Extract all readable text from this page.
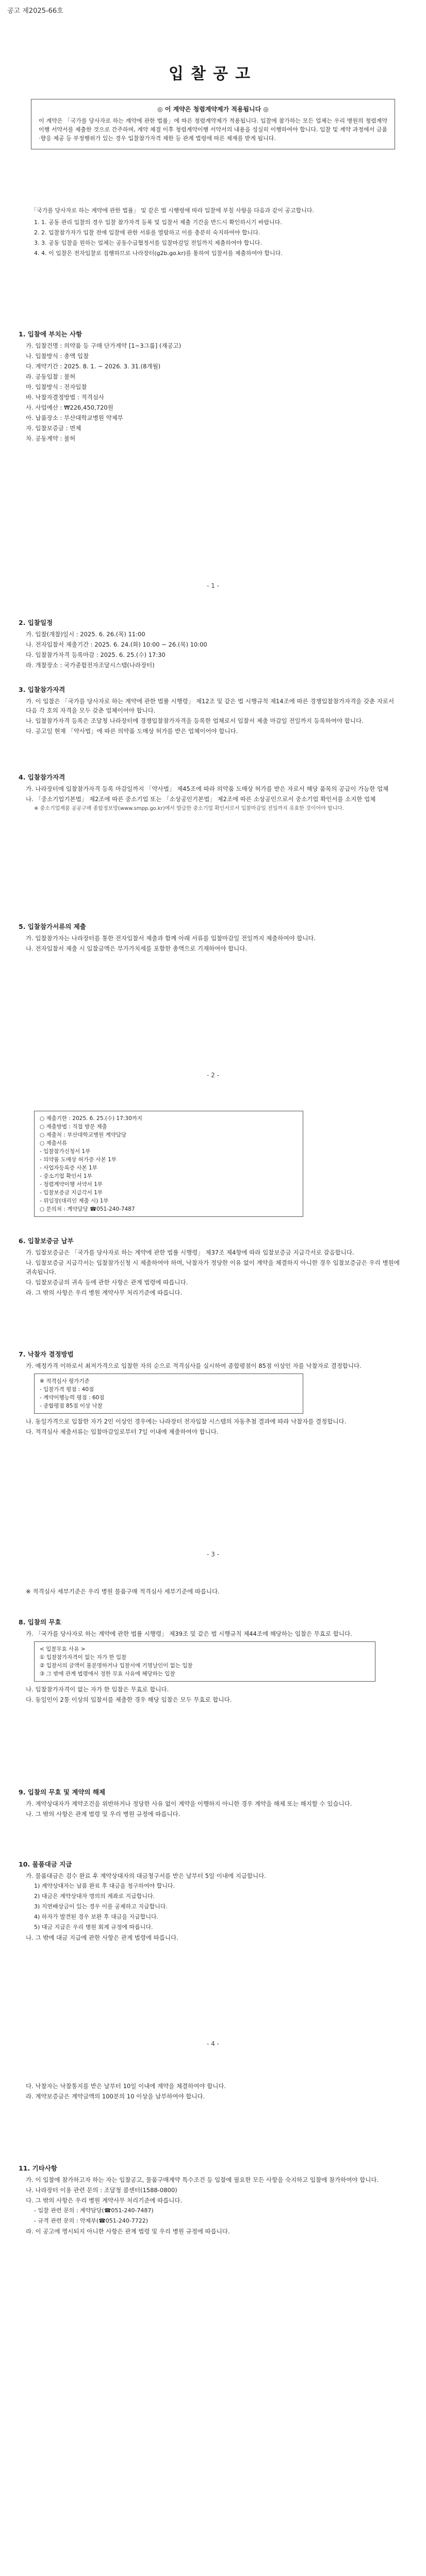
공고 제2025-66호
입찰공고
◎ 이 계약은 청렴계약제가 적용됩니다 ◎
이 계약은 「국가를 당사자로 하는 계약에 관한 법률」에 따른 청렴계약제가 적용됩니다. 입찰에 참가하는 모든 업체는 우리 병원의 청렴계약이행 서약서를 제출한 것으로 간주하며, 계약 체결 이후 청렴계약이행 서약서의 내용을 성실히 이행하여야 합니다. 입찰 및 계약 과정에서 금품·향응 제공 등 부정행위가 있는 경우 입찰참가자격 제한 등 관계 법령에 따른 제재를 받게 됩니다.

「국가를 당사자로 하는 계약에 관한 법률」 및 같은 법 시행령에 따라 입찰에 부칠 사항을 다음과 같이 공고합니다.

1. 1. 공동 관리 입찰의 경우 입찰 참가자격 등록 및 입찰서 제출 기간을 반드시 확인하시기 바랍니다.
2. 2. 입찰참가자가 입찰 전에 입찰에 관한 서류를 열람하고 이를 충분히 숙지하여야 합니다.
3. 3. 공동 입찰을 원하는 업체는 공동수급협정서를 입찰마감일 전일까지 제출하여야 합니다.
4. 4. 이 입찰은 전자입찰로 집행하므로 나라장터(g2b.go.kr)를 통하여 입찰서를 제출하여야 합니다.
1. 입찰에 부치는 사항
가. 입찰건명 : 의약품 등 구매 단가계약 [1~3그룹] (재공고)
나. 입찰방식 : 총액 입찰
다. 계약기간 : 2025. 8. 1. ~ 2026. 3. 31.(8개월)
라. 공동입찰 : 불허
마. 입찰방식 : 전자입찰
바. 낙찰자결정방법 : 적격심사
사. 사업예산 : ₩226,450,720원
아. 납품장소 : 부산대학교병원 약제부
자. 입찰보증금 : 면제
차. 공동계약 : 불허
- 1 -
2. 입찰일정
가. 입찰(개찰)일시 : 2025. 6. 26.(목) 11:00
나. 전자입찰서 제출기간 : 2025. 6. 24.(화) 10:00 ~ 26.(목) 10:00
다. 입찰참가자격 등록마감 : 2025. 6. 25.(수) 17:30
라. 개찰장소 : 국가종합전자조달시스템(나라장터)
3. 입찰참가자격
가. 이 입찰은 「국가를 당사자로 하는 계약에 관한 법률 시행령」 제12조 및 같은 법 시행규칙 제14조에 따른 경쟁입찰참가자격을 갖춘 자로서 다음 각 호의 자격을 모두 갖춘 업체이어야 합니다.
나. 입찰참가자격 등록은 조달청 나라장터에 경쟁입찰참가자격을 등록한 업체로서 입찰서 제출 마감일 전일까지 등록하여야 합니다.
다. 공고일 현재 「약사법」에 따른 의약품 도매상 허가를 받은 업체이어야 합니다.
4. 입찰참가자격
가. 나라장터에 입찰참가자격 등록 마감일까지 「약사법」 제45조에 따라 의약품 도매상 허가를 받은 자로서 해당 품목의 공급이 가능한 업체
나. 「중소기업기본법」 제2조에 따른 중소기업 또는 「소상공인기본법」 제2조에 따른 소상공인으로서 중소기업 확인서를 소지한 업체
※ 중소기업제품 공공구매 종합정보망(www.smpp.go.kr)에서 발급한 중소기업 확인서로서 입찰마감일 전일까지 유효한 것이어야 합니다.
5. 입찰참가서류의 제출
가. 입찰참가자는 나라장터를 통한 전자입찰서 제출과 함께 아래 서류를 입찰마감일 전일까지 제출하여야 합니다.
나. 전자입찰서 제출 시 입찰금액은 부가가치세를 포함한 총액으로 기재하여야 합니다.
- 2 -
○ 제출기한 : 2025. 6. 25.(수) 17:30까지
○ 제출방법 : 직접 방문 제출
○ 제출처 : 부산대학교병원 계약담당
○ 제출서류
- 입찰참가신청서 1부
- 의약품 도매상 허가증 사본 1부
- 사업자등록증 사본 1부
- 중소기업 확인서 1부
- 청렴계약이행 서약서 1부
- 입찰보증금 지급각서 1부
- 위임장(대리인 제출 시) 1부
○ 문의처 : 계약담당 ☎051-240-7487
6. 입찰보증금 납부
가. 입찰보증금은 「국가를 당사자로 하는 계약에 관한 법률 시행령」 제37조 제4항에 따라 입찰보증금 지급각서로 갈음합니다.
나. 입찰보증금 지급각서는 입찰참가신청 시 제출하여야 하며, 낙찰자가 정당한 이유 없이 계약을 체결하지 아니한 경우 입찰보증금은 우리 병원에 귀속됩니다.
다. 입찰보증금의 귀속 등에 관한 사항은 관계 법령에 따릅니다.
라. 그 밖의 사항은 우리 병원 계약사무 처리기준에 따릅니다.
7. 낙찰자 결정방법
가. 예정가격 이하로서 최저가격으로 입찰한 자의 순으로 적격심사를 실시하여 종합평점이 85점 이상인 자를 낙찰자로 결정합니다.
※ 적격심사 평가기준
- 입찰가격 평점 : 40점
- 계약이행능력 평점 : 60점
- 종합평점 85점 이상 낙찰
나. 동일가격으로 입찰한 자가 2인 이상인 경우에는 나라장터 전자입찰 시스템의 자동추첨 결과에 따라 낙찰자를 결정합니다.
다. 적격심사 제출서류는 입찰마감일로부터 7일 이내에 제출하여야 합니다.
- 3 -
※ 적격심사 세부기준은 우리 병원 물품구매 적격심사 세부기준에 따릅니다.
8. 입찰의 무효
가. 「국가를 당사자로 하는 계약에 관한 법률 시행령」 제39조 및 같은 법 시행규칙 제44조에 해당하는 입찰은 무효로 합니다.
< 입찰무효 사유 >
① 입찰참가자격이 없는 자가 한 입찰
② 입찰서의 금액이 불분명하거나 입찰서에 기명날인이 없는 입찰
③ 그 밖에 관계 법령에서 정한 무효 사유에 해당하는 입찰
나. 입찰참가자격이 없는 자가 한 입찰은 무효로 합니다.
다. 동일인이 2통 이상의 입찰서를 제출한 경우 해당 입찰은 모두 무효로 합니다.
9. 입찰의 무효 및 계약의 해제
가. 계약상대자가 계약조건을 위반하거나 정당한 사유 없이 계약을 이행하지 아니한 경우 계약을 해제 또는 해지할 수 있습니다.
나. 그 밖의 사항은 관계 법령 및 우리 병원 규정에 따릅니다.
10. 물품대금 지급
가. 물품대금은 검수 완료 후 계약상대자의 대금청구서를 받은 날부터 5일 이내에 지급합니다.
1) 계약상대자는 납품 완료 후 대금을 청구하여야 합니다.
2) 대금은 계약상대자 명의의 계좌로 지급합니다.
3) 지연배상금이 있는 경우 이를 공제하고 지급합니다.
4) 하자가 발견된 경우 보완 후 대금을 지급합니다.
5) 대금 지급은 우리 병원 회계 규정에 따릅니다.
나. 그 밖에 대금 지급에 관한 사항은 관계 법령에 따릅니다.
- 4 -
다. 낙찰자는 낙찰통지를 받은 날부터 10일 이내에 계약을 체결하여야 합니다.
라. 계약보증금은 계약금액의 100분의 10 이상을 납부하여야 합니다.
11. 기타사항
가. 이 입찰에 참가하고자 하는 자는 입찰공고, 물품구매계약 특수조건 등 입찰에 필요한 모든 사항을 숙지하고 입찰에 참가하여야 합니다.
나. 나라장터 이용 관련 문의 : 조달청 콜센터(1588-0800)
다. 그 밖의 사항은 우리 병원 계약사무 처리기준에 따릅니다.
- 입찰 관련 문의 : 계약담당(☎051-240-7487)
- 규격 관련 문의 : 약제부(☎051-240-7722)
라. 이 공고에 명시되지 아니한 사항은 관계 법령 및 우리 병원 규정에 따릅니다.
